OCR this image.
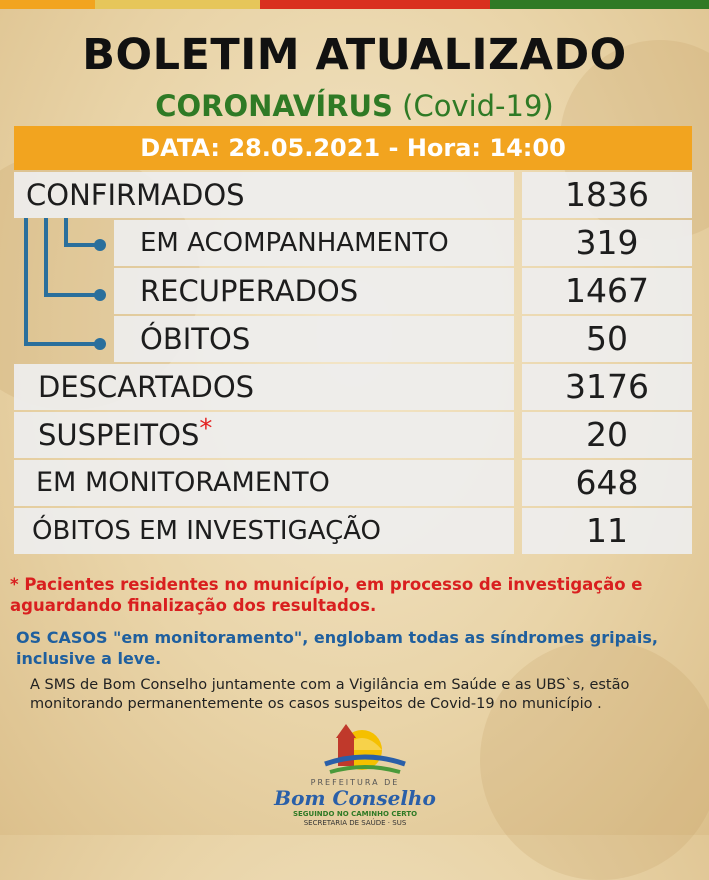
BOLETIM ATUALIZADO
CORONAVÍRUS (Covid-19)
DATA: 28.05.2021 - Hora: 14:00
CONFIRMADOS	1836
EM ACOMPANHAMENTO	319
RECUPERADOS	1467
ÓBITOS	50
DESCARTADOS	3176
SUSPEITOS*	20
EM MONITORAMENTO	648
ÓBITOS EM INVESTIGAÇÃO	11
* Pacientes residentes no município, em processo de investigação e aguardando finalização dos resultados.
OS CASOS "em monitoramento", englobam todas as síndromes gripais, inclusive a leve.
A SMS de Bom Conselho juntamente com a Vigilância em Saúde e as UBS`s, estão monitorando permanentemente os casos suspeitos de Covid-19 no município .
PREFEITURA DE
Bom Conselho
SEGUINDO NO CAMINHO CERTO
SECRETARIA DE SAÚDE · SUS
